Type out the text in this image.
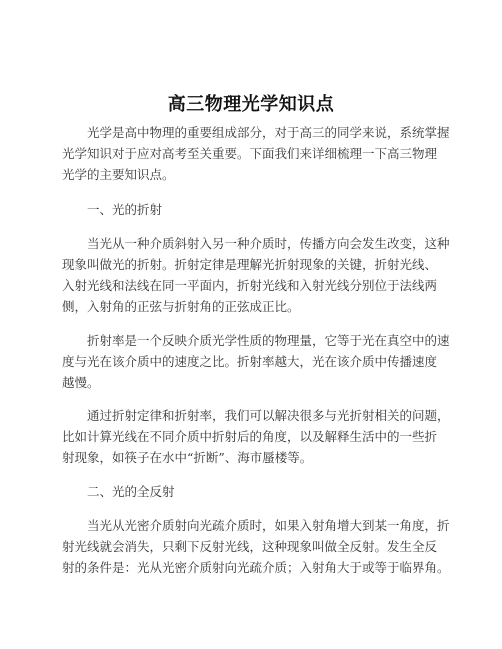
高三物理光学知识点
光学是高中物理的重要组成部分，对于高三的同学来说，系统掌握
光学知识对于应对高考至关重要。下面我们来详细梳理一下高三物理
光学的主要知识点。
一、光的折射
当光从一种介质斜射入另一种介质时，传播方向会发生改变，这种
现象叫做光的折射。折射定律是理解光折射现象的关键，折射光线、
入射光线和法线在同一平面内，折射光线和入射光线分别位于法线两
侧，入射角的正弦与折射角的正弦成正比。
折射率是一个反映介质光学性质的物理量，它等于光在真空中的速
度与光在该介质中的速度之比。折射率越大，光在该介质中传播速度
越慢。
通过折射定律和折射率，我们可以解决很多与光折射相关的问题，
比如计算光线在不同介质中折射后的角度，以及解释生活中的一些折
射现象，如筷子在水中“折断”、海市蜃楼等。
二、光的全反射
当光从光密介质射向光疏介质时，如果入射角增大到某一角度，折
射光线就会消失，只剩下反射光线，这种现象叫做全反射。发生全反
射的条件是：光从光密介质射向光疏介质；入射角大于或等于临界角。
